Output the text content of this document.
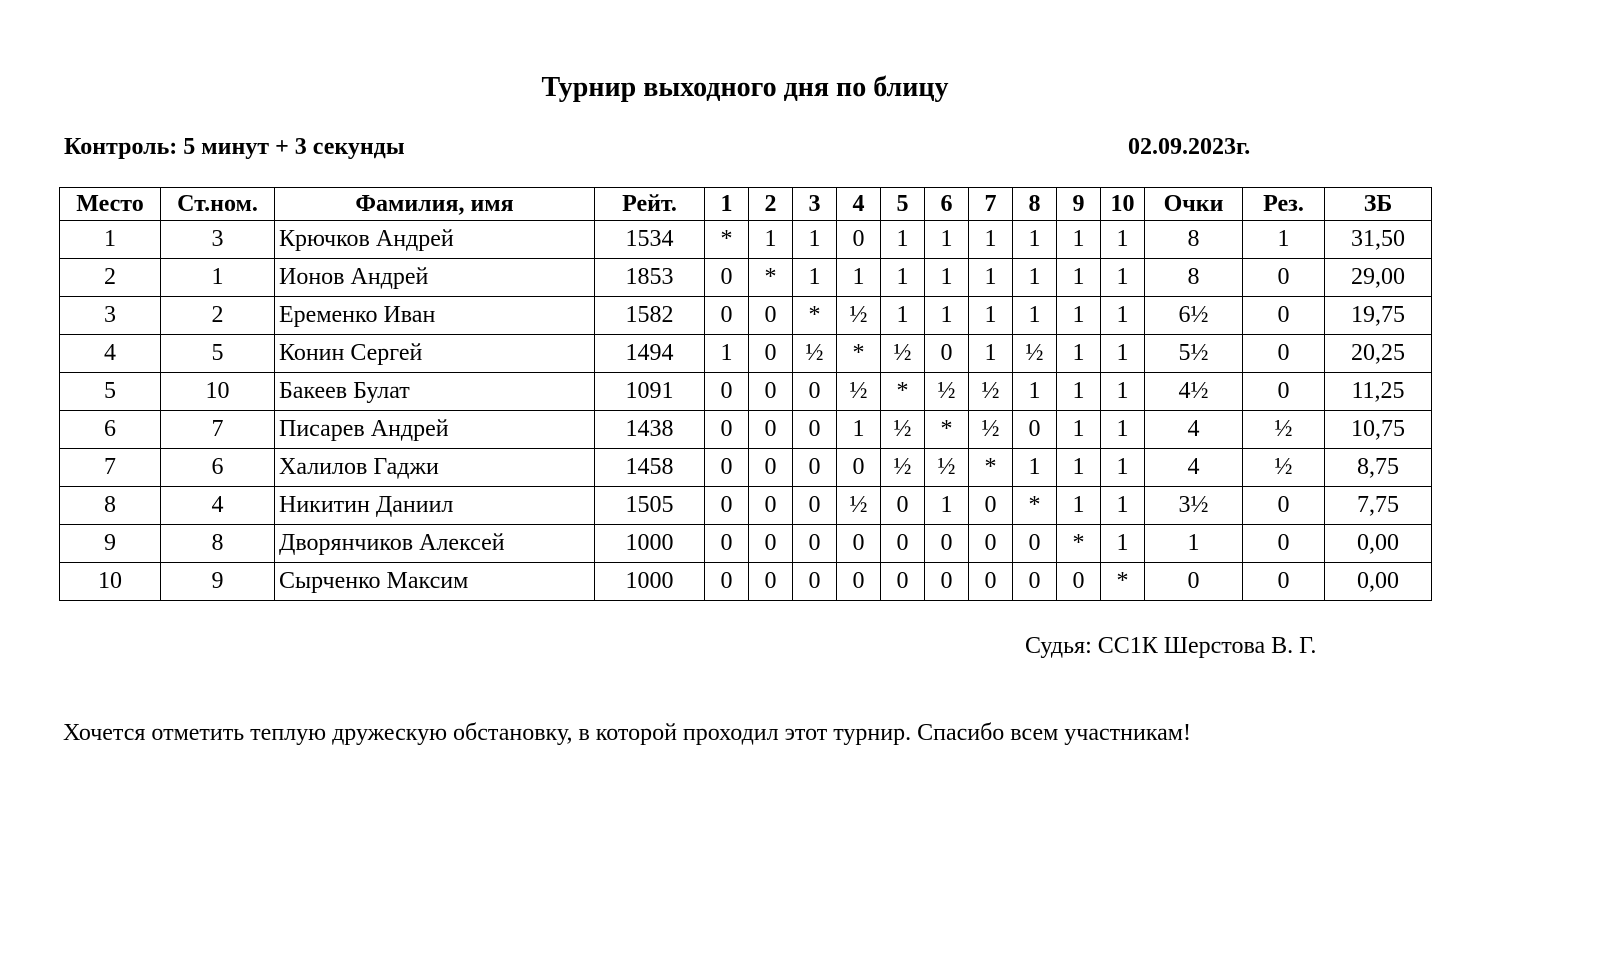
Турнир выходного дня по блицу
Контроль: 5 минут + 3 секунды	02.09.2023г.
Место	Ст.ном.	Фамилия, имя	Рейт.	1	2	3	4	5	6	7	8	9	10	Очки	Рез.	ЗБ
1	3	Крючков Андрей	1534	*	1	1	0	1	1	1	1	1	1	8	1	31,50
2	1	Ионов Андрей	1853	0	*	1	1	1	1	1	1	1	1	8	0	29,00
3	2	Еременко Иван	1582	0	0	*	½	1	1	1	1	1	1	6½	0	19,75
4	5	Конин Сергей	1494	1	0	½	*	½	0	1	½	1	1	5½	0	20,25
5	10	Бакеев Булат	1091	0	0	0	½	*	½	½	1	1	1	4½	0	11,25
6	7	Писарев Андрей	1438	0	0	0	1	½	*	½	0	1	1	4	½	10,75
7	6	Халилов Гаджи	1458	0	0	0	0	½	½	*	1	1	1	4	½	8,75
8	4	Никитин Даниил	1505	0	0	0	½	0	1	0	*	1	1	3½	0	7,75
9	8	Дворянчиков Алексей	1000	0	0	0	0	0	0	0	0	*	1	1	0	0,00
10	9	Сырченко Максим	1000	0	0	0	0	0	0	0	0	0	*	0	0	0,00
Судья: СС1К Шерстова В. Г.
Хочется отметить теплую дружескую обстановку, в которой проходил этот турнир. Спасибо всем участникам!
